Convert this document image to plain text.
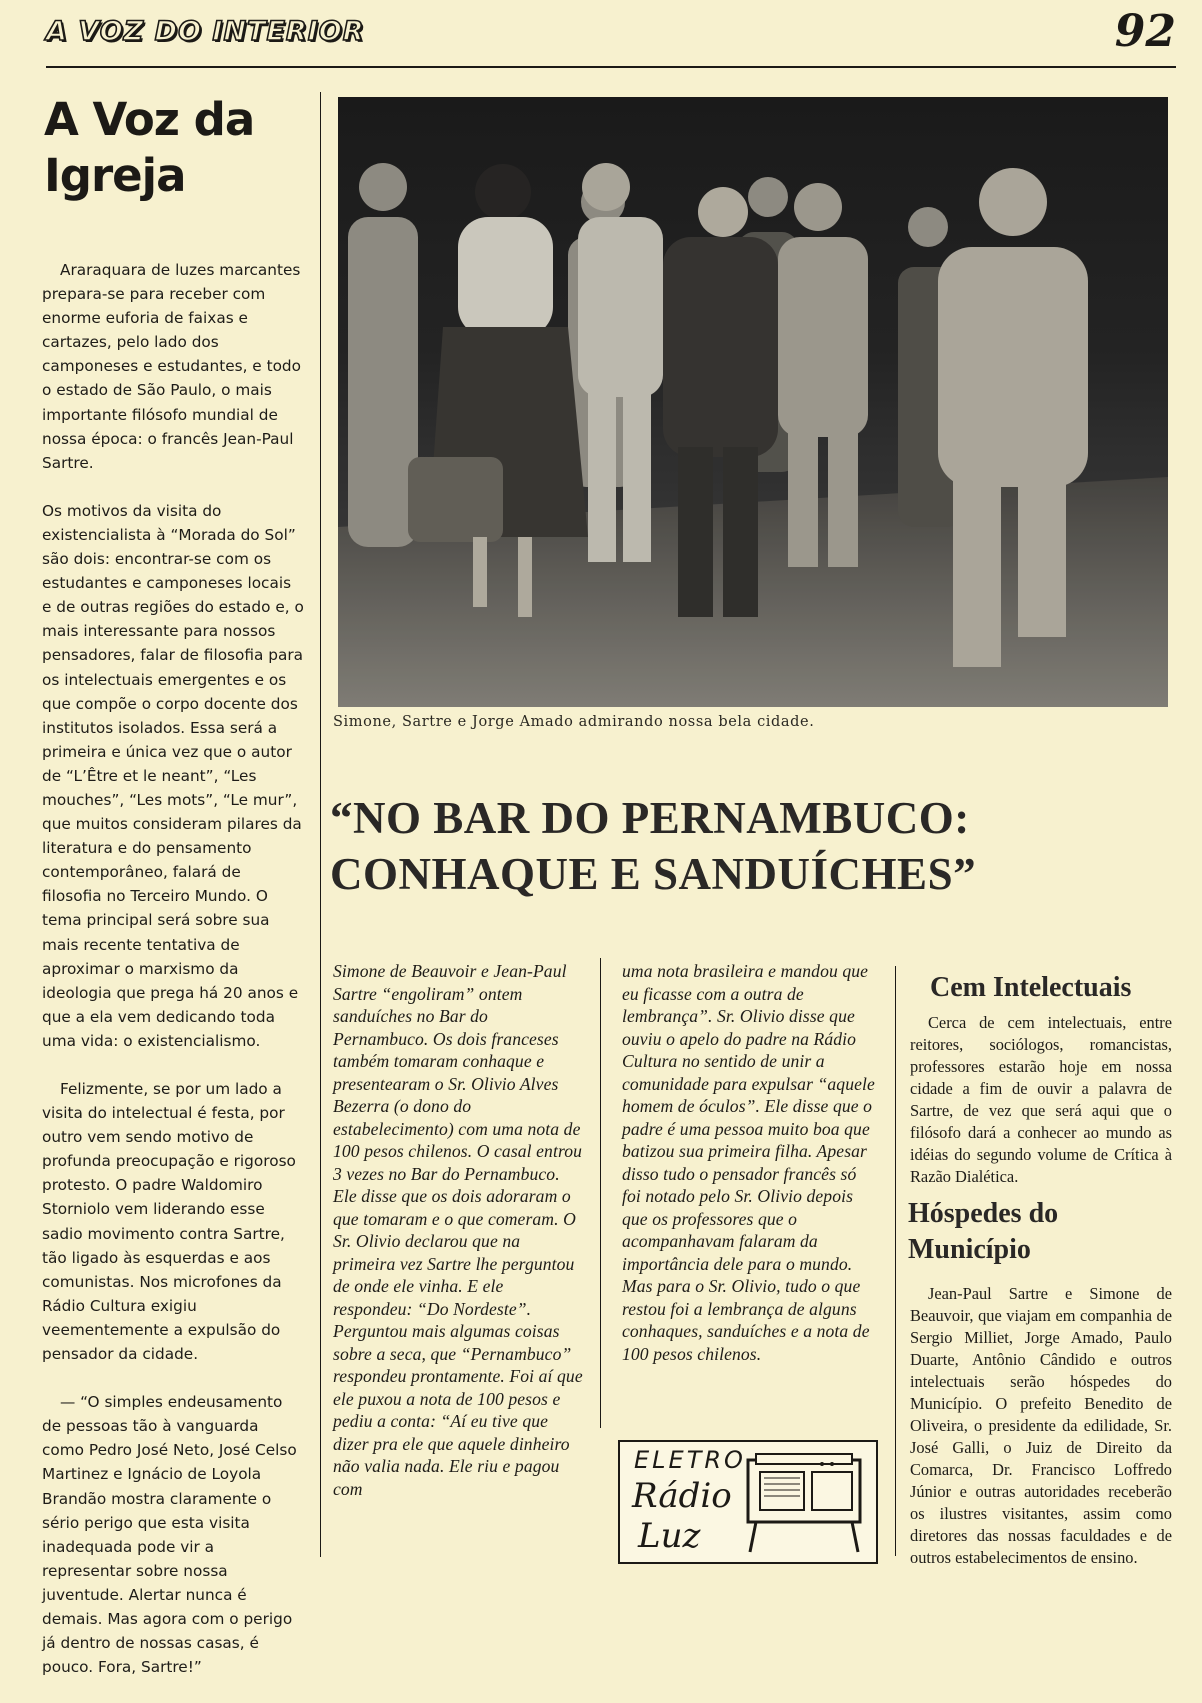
A VOZ DO INTERIOR	92
A Voz da
Igreja

Araraquara de luzes marcantes prepara-se para receber com enorme euforia de faixas e cartazes, pelo lado dos camponeses e estudantes, e todo o estado de São Paulo, o mais importante filósofo mundial de nossa época: o francês Jean-Paul Sartre.

Os motivos da visita do existencialista à “Morada do Sol” são dois: encontrar-se com os estudantes e camponeses locais e de outras regiões do estado e, o mais interessante para nossos pensadores, falar de filosofia para os intelectuais emergentes e os que compõe o corpo docente dos institutos isolados. Essa será a primeira e única vez que o autor de “L’Être et le neant”, “Les mouches”, “Les mots”, “Le mur”, que muitos consideram pilares da literatura e do pensamento contemporâneo, falará de filosofia no Terceiro Mundo. O tema principal será sobre sua mais recente tentativa de aproximar o marxismo da ideologia que prega há 20 anos e que a ela vem dedicando toda uma vida: o existencialismo.

Felizmente, se por um lado a visita do intelectual é festa, por outro vem sendo motivo de profunda preocupação e rigoroso protesto. O padre Waldomiro Storniolo vem liderando esse sadio movimento contra Sartre, tão ligado às esquerdas e aos comunistas. Nos microfones da Rádio Cultura exigiu veementemente a expulsão do pensador da cidade.

— “O simples endeusamento de pessoas tão à vanguarda como Pedro José Neto, José Celso Martinez e Ignácio de Loyola Brandão mostra claramente o sério perigo que esta visita inadequada pode vir a representar sobre nossa juventude. Alertar nunca é demais. Mas agora com o perigo já dentro de nossas casas, é pouco. Fora, Sartre!”

Simone, Sartre e Jorge Amado admirando nossa bela cidade.
“NO BAR DO PERNAMBUCO:
CONHAQUE E SANDUÍCHES”
Simone de Beauvoir e Jean-Paul Sartre “engoliram” ontem sanduíches no Bar do Pernambuco. Os dois franceses também tomaram conhaque e presentearam o Sr. Olivio Alves Bezerra (o dono do estabelecimento) com uma nota de 100 pesos chilenos. O casal entrou 3 vezes no Bar do Pernambuco. Ele disse que os dois adoraram o que tomaram e o que comeram. O Sr. Olivio declarou que na primeira vez Sartre lhe perguntou de onde ele vinha. E ele respondeu: “Do Nordeste”. Perguntou mais algumas coisas sobre a seca, que “Pernambuco” respondeu prontamente. Foi aí que ele puxou a nota de 100 pesos e pediu a conta: “Aí eu tive que dizer pra ele que aquele dinheiro não valia nada. Ele riu e pagou com
uma nota brasileira e mandou que eu ficasse com a outra de lembrança”. Sr. Olivio disse que ouviu o apelo do padre na Rádio Cultura no sentido de unir a comunidade para expulsar “aquele homem de óculos”. Ele disse que o padre é uma pessoa muito boa que batizou sua primeira filha. Apesar disso tudo o pensador francês só foi notado pelo Sr. Olivio depois que os professores que o acompanhavam falaram da importância dele para o mundo. Mas para o Sr. Olivio, tudo o que restou foi a lembrança de alguns conhaques, sanduíches e a nota de 100 pesos chilenos.
ELETRO
Rádio
Luz
Cem Intelectuais
Cerca de cem intelectuais, entre reitores, sociólogos, romancistas, professores estarão hoje em nossa cidade a fim de ouvir a palavra de Sartre, de vez que será aqui que o filósofo dará a conhecer ao mundo as idéias do segundo volume de Crítica à Razão Dialética.
Hóspedes do
Município
Jean-Paul Sartre e Simone de Beauvoir, que viajam em companhia de Sergio Milliet, Jorge Amado, Paulo Duarte, Antônio Cândido e outros intelectuais serão hóspedes do Município. O prefeito Benedito de Oliveira, o presidente da edilidade, Sr. José Galli, o Juiz de Direito da Comarca, Dr. Francisco Loffredo Júnior e outras autoridades receberão os ilustres visitantes, assim como diretores das nossas faculdades e de outros estabelecimentos de ensino.
